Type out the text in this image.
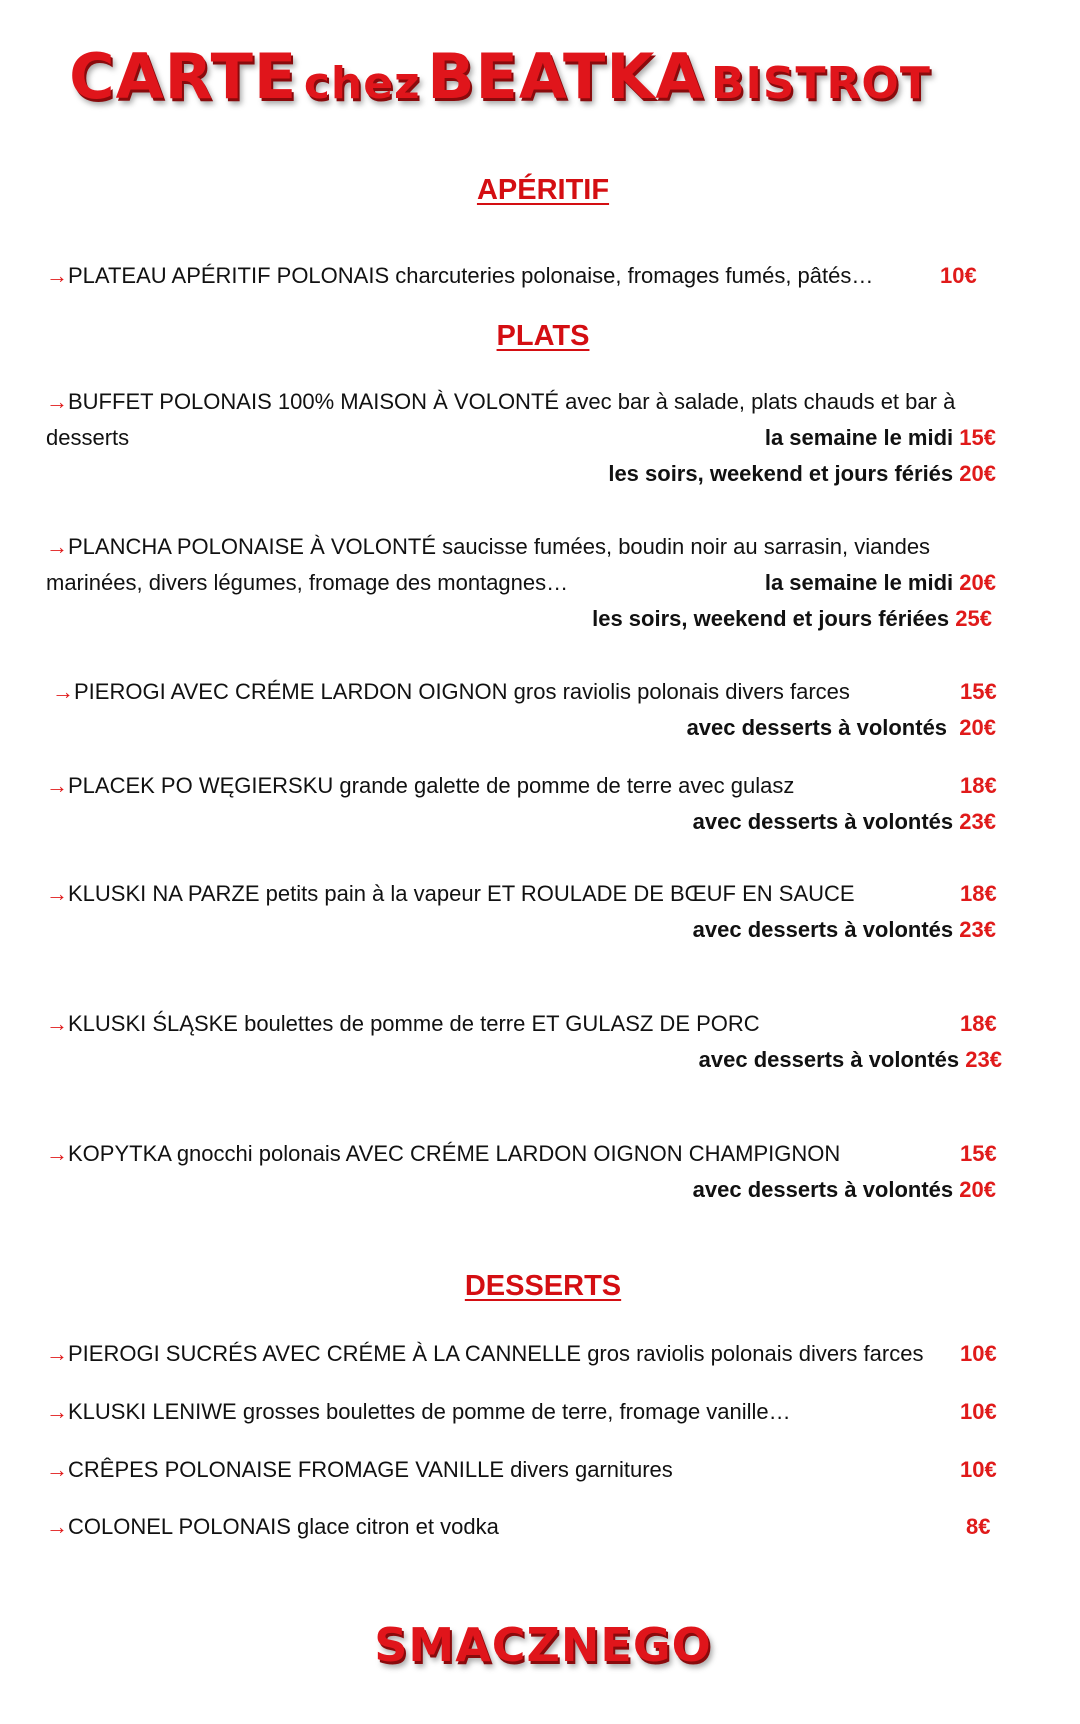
CARTE chez BEATKA BISTROT
APÉRITIF
→PLATEAU APÉRITIF POLONAIS charcuteries polonaise, fromages fumés, pâtés…	10€
PLATS
→BUFFET POLONAIS 100% MAISON À VOLONTÉ avec bar à salade, plats chauds et bar à
desserts	la semaine le midi 15€
les soirs, weekend et jours fériés 20€
→PLANCHA POLONAISE À VOLONTÉ saucisse fumées, boudin noir au sarrasin, viandes
marinées, divers légumes, fromage des montagnes…	la semaine le midi 20€
les soirs, weekend et jours fériées 25€
→PIEROGI AVEC CRÉME LARDON OIGNON gros raviolis polonais divers farces	15€
avec desserts à volontés 20€
→PLACEK PO WĘGIERSKU grande galette de pomme de terre avec gulasz	18€
avec desserts à volontés 23€
→KLUSKI NA PARZE petits pain à la vapeur ET ROULADE DE BŒUF EN SAUCE	18€
avec desserts à volontés 23€
→KLUSKI ŚLĄSKE boulettes de pomme de terre ET GULASZ DE PORC	18€
avec desserts à volontés 23€
→KOPYTKA gnocchi polonais AVEC CRÉME LARDON OIGNON CHAMPIGNON	15€
avec desserts à volontés 20€
DESSERTS
→PIEROGI SUCRÉS AVEC CRÉME À LA CANNELLE gros raviolis polonais divers farces 10€
→KLUSKI LENIWE grosses boulettes de pomme de terre, fromage vanille…	10€
→CRÊPES POLONAISE FROMAGE VANILLE divers garnitures	10€
→COLONEL POLONAIS glace citron et vodka	8€
SMACZNEGO
